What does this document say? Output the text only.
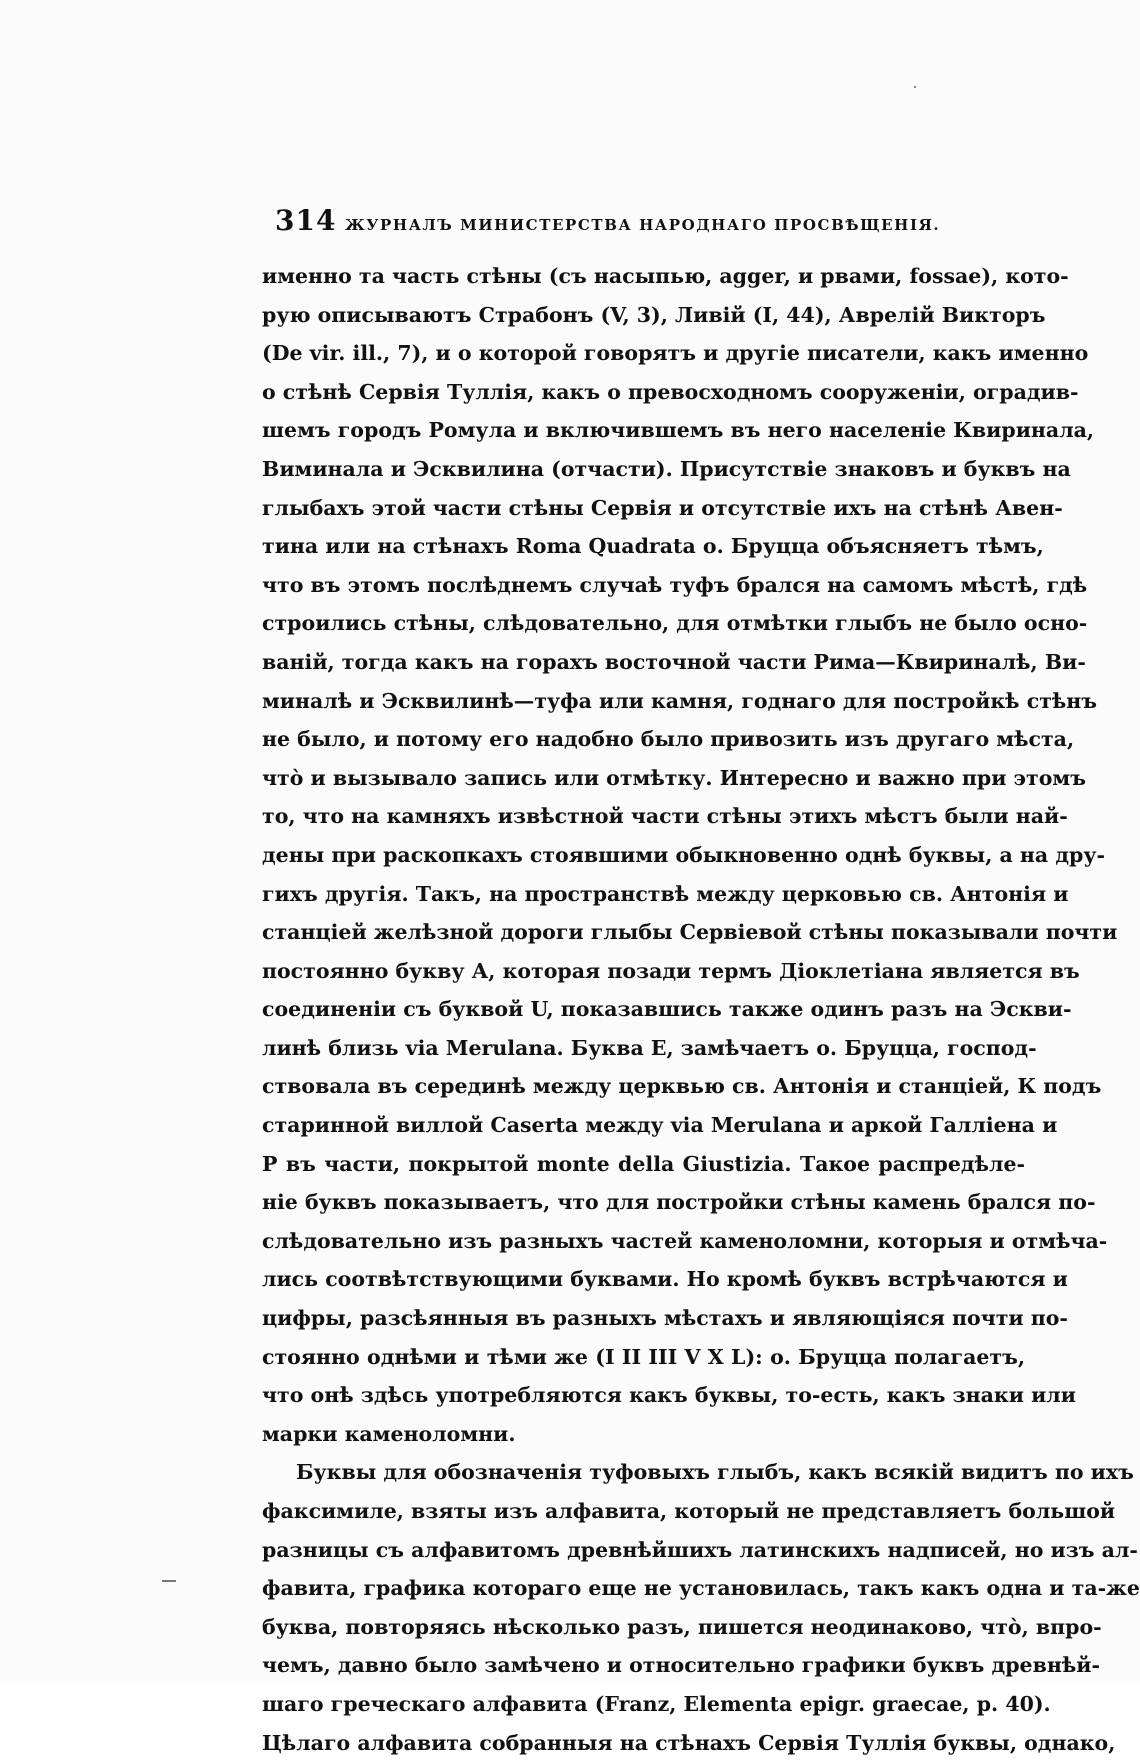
314 ЖУРНАЛЪ МИНИСТЕРСТВА НАРОДНАГО ПРОСВѢЩЕНІЯ.
именно та часть стѣны (съ насыпью, agger, и рвами, fossae), кото-
рую описываютъ Страбонъ (V, 3), Ливій (I, 44), Аврелій Викторъ
(De vir. ill., 7), и о которой говорятъ и другіе писатели, какъ именно
о стѣнѣ Сервія Туллія, какъ о превосходномъ сооруженіи, оградив-
шемъ городъ Ромула и включившемъ въ него населеніе Квиринала,
Виминала и Эсквилина (отчасти). Присутствіе знаковъ и буквъ на
глыбахъ этой части стѣны Сервія и отсутствіе ихъ на стѣнѣ Авен-
тина или на стѣнахъ Roma Quadrata о. Бруцца объясняетъ тѣмъ,
что въ этомъ послѣднемъ случаѣ туфъ брался на самомъ мѣстѣ, гдѣ
строились стѣны, слѣдовательно, для отмѣтки глыбъ не было осно-
ваній, тогда какъ на горахъ восточной части Рима—Квириналѣ, Ви-
миналѣ и Эсквилинѣ—туфа или камня, годнаго для постройкѣ стѣнъ
не было, и потому его надобно было привозить изъ другаго мѣста,
что̀ и вызывало запись или отмѣтку. Интересно и важно при этомъ
то, что на камняхъ извѣстной части стѣны этихъ мѣстъ были най-
дены при раскопкахъ стоявшими обыкновенно однѣ буквы, а на дру-
гихъ другія. Такъ, на пространствѣ между церковью св. Антонія и
станціей желѣзной дороги глыбы Сервіевой стѣны показывали почти
постоянно букву А, которая позади термъ Діоклетіана является въ
соединеніи съ буквой U, показавшись также одинъ разъ на Эскви-
линѣ близь via Merulana. Буква Е, замѣчаетъ о. Бруцца, господ-
ствовала въ серединѣ между церквью св. Антонія и станціей, К подъ
старинной виллой Caserta между via Merulana и аркой Галліена и
Р въ части, покрытой monte della Giustizia. Такое распредѣле-
ніе буквъ показываетъ, что для постройки стѣны камень брался по-
слѣдовательно изъ разныхъ частей каменоломни, которыя и отмѣча-
лись соотвѣтствующими буквами. Но кромѣ буквъ встрѣчаются и
цифры, разсѣянныя въ разныхъ мѣстахъ и являющіяся почти по-
стоянно однѣми и тѣми же (I II III V X L): о. Бруцца полагаетъ,
что онѣ здѣсь употребляются какъ буквы, то-есть, какъ знаки или
марки каменоломни.
Буквы для обозначенія туфовыхъ глыбъ, какъ всякій видитъ по ихъ
факсимиле, взяты изъ алфавита, который не представляетъ большой
разницы съ алфавитомъ древнѣйшихъ латинскихъ надписей, но изъ ал-
фавита, графика котораго еще не установилась, такъ какъ одна и та-же
буква, повторяясь нѣсколько разъ, пишется неодинаково, что̀, впро-
чемъ, давно было замѣчено и относительно графики буквъ древнѣй-
шаго греческаго алфавита (Franz, Elementa epigr. graecae, p. 40).
Цѣлаго алфавита собранныя на стѣнахъ Сервія Туллія буквы, однако,
